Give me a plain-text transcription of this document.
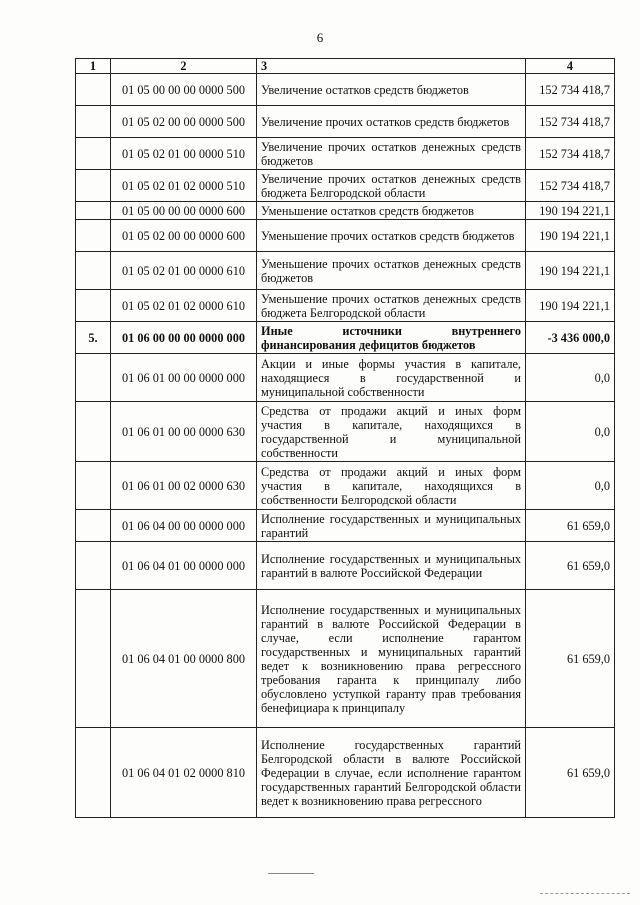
6
1	2	3	4
	01 05 00 00 00 0000 500	Увеличение остатков средств бюджетов	152 734 418,7
	01 05 02 00 00 0000 500	Увеличение прочих остатков средств бюджетов	152 734 418,7
	01 05 02 01 00 0000 510	Увеличение прочих остатков денежных средств бюджетов	152 734 418,7
	01 05 02 01 02 0000 510	Увеличение прочих остатков денежных средств бюджета Белгородской области	152 734 418,7
	01 05 00 00 00 0000 600	Уменьшение остатков средств бюджетов	190 194 221,1
	01 05 02 00 00 0000 600	Уменьшение прочих остатков средств бюджетов	190 194 221,1
	01 05 02 01 00 0000 610	Уменьшение прочих остатков денежных средств бюджетов	190 194 221,1
	01 05 02 01 02 0000 610	Уменьшение прочих остатков денежных средств бюджета Белгородской области	190 194 221,1
5.	01 06 00 00 00 0000 000	Иные источники внутреннего финансирования дефицитов бюджетов	-3 436 000,0
	01 06 01 00 00 0000 000	Акции и иные формы участия в капитале, находящиеся в государственной и муниципальной собственности	0,0
	01 06 01 00 00 0000 630	Средства от продажи акций и иных форм участия в капитале, находящихся в государственной и муниципальной собственности	0,0
	01 06 01 00 02 0000 630	Средства от продажи акций и иных форм участия в капитале, находящихся в собственности Белгородской области	0,0
	01 06 04 00 00 0000 000	Исполнение государственных и муниципальных гарантий	61 659,0
	01 06 04 01 00 0000 000	Исполнение государственных и муниципальных гарантий в валюте Российской Федерации	61 659,0
	01 06 04 01 00 0000 800	Исполнение государственных и муниципальных гарантий в валюте Российской Федерации в случае, если исполнение гарантом государственных и муниципальных гарантий ведет к возникновению права регрессного требования гаранта к принципалу либо обусловлено уступкой гаранту прав требования бенефициара к принципалу	61 659,0
	01 06 04 01 02 0000 810	Исполнение государственных гарантий Белгородской области в валюте Российской Федерации в случае, если исполнение гарантом государственных гарантий Белгородской области ведет к возникновению права регрессного	61 659,0
